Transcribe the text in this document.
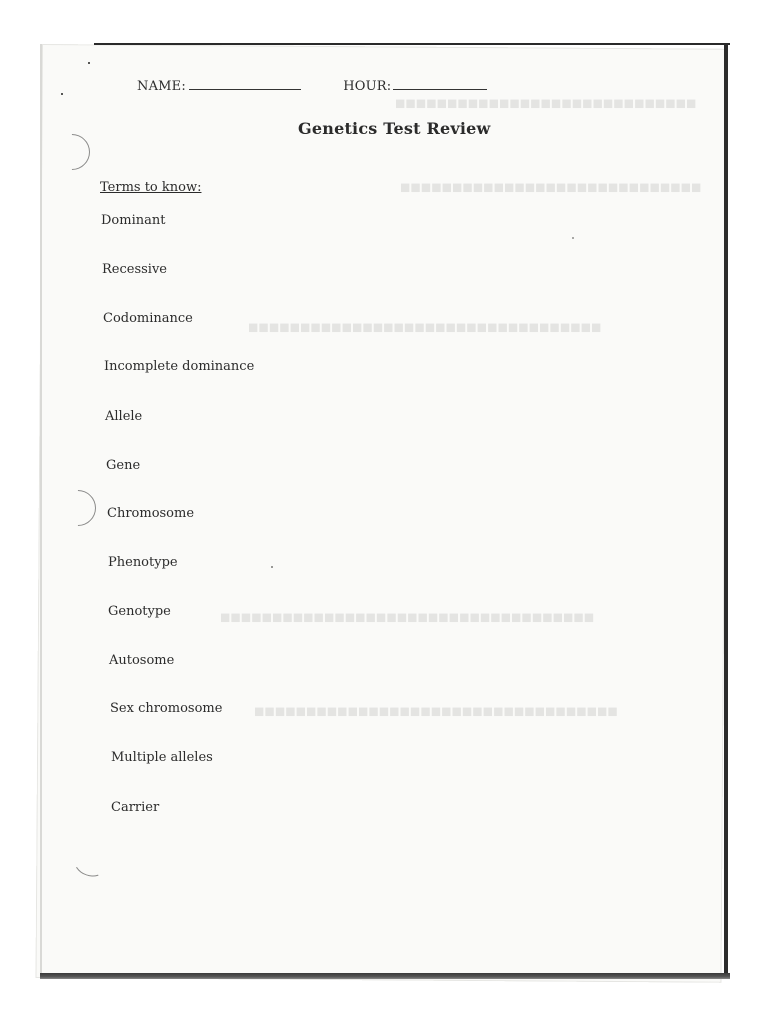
■■■■■■■■■■■■■■■■■■■■■■■■■■■■■
■■■■■■■■■■■■■■■■■■■■■■■■■■■■■
■■■■■■■■■■■■■■■■■■■■■■■■■■■■■■■■■■
■■■■■■■■■■■■■■■■■■■■■■■■■■■■■■■■■■■■
■■■■■■■■■■■■■■■■■■■■■■■■■■■■■■■■■■■
NAME:	HOUR:
Genetics Test Review
Terms to know:
Dominant
Recessive
Codominance
Incomplete dominance
Allele
Gene
Chromosome
Phenotype
Genotype
Autosome
Sex chromosome
Multiple alleles
Carrier
